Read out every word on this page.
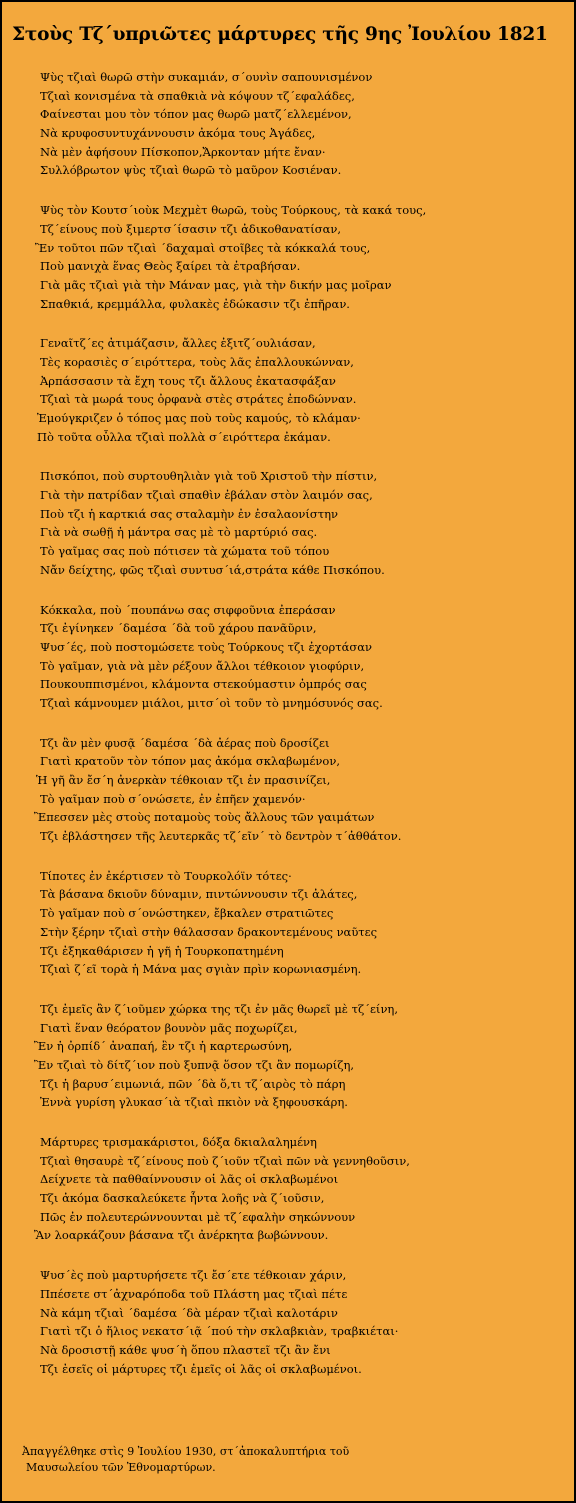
Στοὺς Τζ΄υπριῶτες μάρτυρες τῆς 9ης Ἰουλίου 1821
Ψὺς τζιαὶ θωρῶ στὴν συκαμιάν, σ΄ουνὶν σαπουνισμένον
Τζιαὶ κονισμένα τὰ σπαθκιὰ νὰ κόψουν τζ΄εφαλάδες,
Φαίνεσται μου τὸν τόπον μας θωρῶ ματζ΄ελλεμένον,
Νὰ κρυφοσυντυχάννουσιν ἀκόμα τους Ἀγάδες,
Νὰ μὲν ἀφήσουν Πίσκοπον,Ἄρκονταν μήτε ἔναν·
Συλλόβρωτον ψὺς τζιαὶ θωρῶ τὸ μαῦρον Κοσιέναν.
Ψὺς τὸν Κουτσ΄ιοὺκ Μεχμὲτ θωρῶ, τοὺς Τούρκους, τὰ κακά τους,
Τζ΄είνους ποὺ ξιμερτσ΄ίσασιν τζι ἀδικοθανατίσαν,
Ἒν τοῦτοι πῶν τζιαὶ ΄δαχαμαὶ στοῖβες τὰ κόκκαλά τους,
Ποὺ μανιχὰ ἕνας Θεὸς ξαίρει τὰ ἐτραβήσαν.
Γιὰ μᾶς τζιαὶ γιὰ τὴν Μάναν μας, γιὰ τὴν δικήν μας μοῖραν
Σπαθκιά, κρεμμάλλα, φυλακὲς ἐδώκασιν τζι ἐπῆραν.
Γεναῖτζ΄ες ἀτιμάζασιν, ἄλλες ἐξιτζ΄ουλιάσαν,
Τὲς κορασιὲς σ΄ειρόττερα, τοὺς λᾶς ἐπαλλουκώνναν,
Ἀρπάσσασιν τὰ ἔχη τους τζι ἄλλους ἐκατασφάξαν
Τζιαὶ τὰ μωρά τους ὀρφανὰ στὲς στράτες ἐποδώνναν.
Ἐμούγκριζεν ὁ τόπος μας ποὺ τοὺς καμούς, τὸ κλάμαν·
Πὸ τοῦτα οὖλλα τζιαὶ πολλὰ σ΄ειρόττερα ἐκάμαν.
Πισκόποι, ποὺ συρτουθηλιὰν γιὰ τοῦ Χριστοῦ τὴν πίστιν,
Γιὰ τὴν πατρίδαν τζιαὶ σπαθὶν ἐβάλαν στὸν λαιμόν σας,
Ποὺ τζι ἡ καρτκιά σας σταλαμὴν ἐν ἐσαλαονίστην
Γιὰ νὰ σωθῇ ἡ μάντρα σας μὲ τὸ μαρτύριό σας.
Τὸ γαῖμας σας ποὺ πότισεν τὰ χώματα τοῦ τόπου
Νἄν δείχτης, φῶς τζιαὶ συντυσ΄ιά,στράτα κάθε Πισκόπου.
Κόκκαλα, ποὺ ΄πουπάνω σας σιφφοῦνια ἐπεράσαν
Τζι ἐγίνηκεν ΄δαμέσα ΄δὰ τοῦ χάρου πανᾶῦριν,
Ψυσ΄ές, ποὺ ποστομώσετε τοὺς Τούρκους τζι ἐχορτάσαν
Τὸ γαῖμαν, γιὰ νὰ μὲν ρέξουν ἄλλοι τέθκοιον γιοφύριν,
Πουκουππισμένοι, κλάμοντα στεκούμαστιν ὀμπρός σας
Τζιαὶ κάμνουμεν μιάλοι, μιτσ΄οὶ τοῦν τὸ μνημόσυνός σας.
Τζι ἂν μὲν φυσᾷ ΄δαμέσα ΄δὰ ἀέρας ποὺ δροσίζει
Γιατὶ κρατοῦν τὸν τόπον μας ἀκόμα σκλαβωμένον,
Ἡ γῆ ἂν ἔσ΄η ἀνερκὰν τέθκοιαν τζι ἐν πρασινίζει,
Τὸ γαῖμαν ποὺ σ΄ονώσετε, ἐν ἐπῆεν χαμενόν·
Ἒπεσσεν μὲς στοὺς ποταμοὺς τοὺς ἄλλους τῶν γαιμάτων
Τζι ἐβλάστησεν τῆς λευτερκᾶς τζ΄εῖν΄ τὸ δεντρὸν τ΄ἀθθάτον.
Τίποτες ἐν ἐκέρτισεν τὸ Τουρκολόϊν τότες·
Τὰ βάσανα δκιοῦν δύναμιν, πιντώννουσιν τζι ἀλάτες,
Τὸ γαῖμαν ποὺ σ΄ονώστηκεν, ἔβκαλεν στρατιῶτες
Στὴν ξέρην τζιαὶ στὴν θάλασσαν δρακοντεμένους ναῦτες
Τζι ἐξηκαθάρισεν ἡ γῆ ἡ Τουρκοπατημένη
Τζιαὶ ζ΄εῖ τορὰ ἡ Μάνα μας σγιὰν πρὶν κορωνιασμένη.
Τζι ἐμεῖς ἂν ζ΄ιοῦμεν χώρκα της τζι ἐν μᾶς θωρεῖ μὲ τζ΄είνη,
Γιατὶ ἕναν θεόρατον βουνὸν μᾶς ποχωρίζει,
Ἒν ἡ ὀρπίδ΄ ἀναπαή, ἒν τζι ἡ καρτερωσύνη,
Ἒν τζιαὶ τὸ δίτζ΄ιον ποὺ ξυπνᾷ ὅσον τζι ἂν πομωρίζη,
Τζι ἡ βαρυσ΄ειμωνιά, πῶν ΄δὰ ὅ,τι τζ΄αιρὸς τὸ πάρη
Ἐννὰ γυρίση γλυκασ΄ιὰ τζιαὶ πκιὸν νὰ ξηφουσκάρη.
Μάρτυρες τρισμακάριστοι, δόξα δκιαλαλημένη
Τζιαὶ θησαυρὲ τζ΄είνους ποὺ ζ΄ιοῦν τζιαὶ πῶν νὰ γεννηθοῦσιν,
Δείχνετε τὰ παθθαίννουσιν οἱ λᾶς οἱ σκλαβωμένοι
Τζι ἀκόμα δασκαλεύκετε ἧντα λοῆς νὰ ζ΄ιοῦσιν,
Πῶς ἐν πολευτερώννουνται μὲ τζ΄εφαλὴν σηκώννουν
Ἂν λοαρκάζουν βάσανα τζι ἀνέρκητα βωβώννουν.
Ψυσ΄ὲς ποὺ μαρτυρήσετε τζι ἔσ΄ετε τέθκοιαν χάριν,
Ππέσετε στ΄ἀχναρόποδα τοῦ Πλάστη μας τζιαὶ πέτε
Νὰ κάμη τζιαὶ ΄δαμέσα ΄δὰ μέραν τζιαὶ καλοτάριν
Γιατὶ τζι ὁ ἥλιος νεκατσ΄ιᾷ ΄πού τὴν σκλαβκιὰν, τραβκιέται·
Νὰ δροσιστῇ κάθε ψυσ΄ὴ ὅπου πλαστεῖ τζι ἂν ἔνι
Τζι ἐσεῖς οἱ μάρτυρες τζι ἐμεῖς οἱ λᾶς οἱ σκλαβωμένοι.
Ἀπαγγέλθηκε στὶς 9 Ἰουλίου 1930, στ΄ἀποκαλυπτήρια τοῦ
Μαυσωλείου τῶν Ἐθνομαρτύρων.
